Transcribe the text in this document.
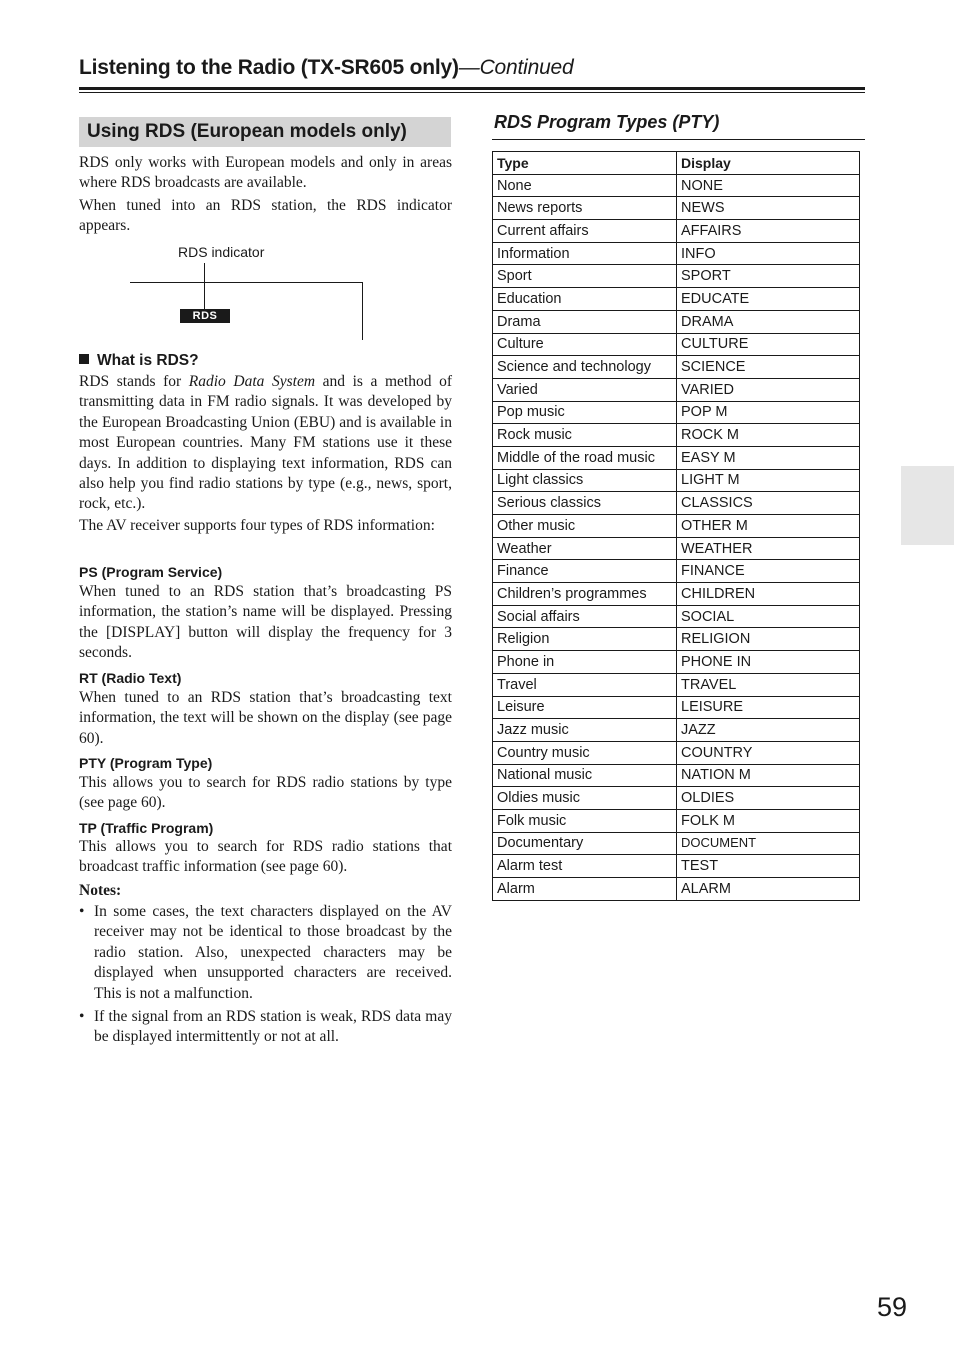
Listening to the Radio (TX-SR605 only)—Continued
Using RDS (European models only)

RDS only works with European models and only in areas where RDS broadcasts are available.

When tuned into an RDS station, the RDS indicator appears.

RDS indicator
RDS
What is RDS?

RDS stands for Radio Data System and is a method of transmitting data in FM radio signals. It was developed by the European Broadcasting Union (EBU) and is available in most European countries. Many FM stations use it these days. In addition to displaying text information, RDS can also help you find radio stations by type (e.g., news, sport, rock, etc.).

The AV receiver supports four types of RDS information:

PS (Program Service)

When tuned to an RDS station that’s broadcasting PS information, the station’s name will be displayed. Pressing the [DISPLAY] button will display the frequency for 3 seconds.

RT (Radio Text)

When tuned to an RDS station that’s broadcasting text information, the text will be shown on the display (see page 60).

PTY (Program Type)

This allows you to search for RDS radio stations by type (see page 60).

TP (Traffic Program)

This allows you to search for RDS radio stations that broadcast traffic information (see page 60).

Notes:

• In some cases, the text characters displayed on the AV receiver may not be identical to those broadcast by the radio station. Also, unexpected characters may be displayed when unsupported characters are received. This is not a malfunction.
• If the signal from an RDS station is weak, RDS data may be displayed intermittently or not at all.
RDS Program Types (PTY)
Type	Display
None	NONE
News reports	NEWS
Current affairs	AFFAIRS
Information	INFO
Sport	SPORT
Education	EDUCATE
Drama	DRAMA
Culture	CULTURE
Science and technology	SCIENCE
Varied	VARIED
Pop music	POP M
Rock music	ROCK M
Middle of the road music	EASY M
Light classics	LIGHT M
Serious classics	CLASSICS
Other music	OTHER M
Weather	WEATHER
Finance	FINANCE
Children’s programmes	CHILDREN
Social affairs	SOCIAL
Religion	RELIGION
Phone in	PHONE IN
Travel	TRAVEL
Leisure	LEISURE
Jazz music	JAZZ
Country music	COUNTRY
National music	NATION M
Oldies music	OLDIES
Folk music	FOLK M
Documentary	DOCUMENT
Alarm test	TEST
Alarm	ALARM
59
